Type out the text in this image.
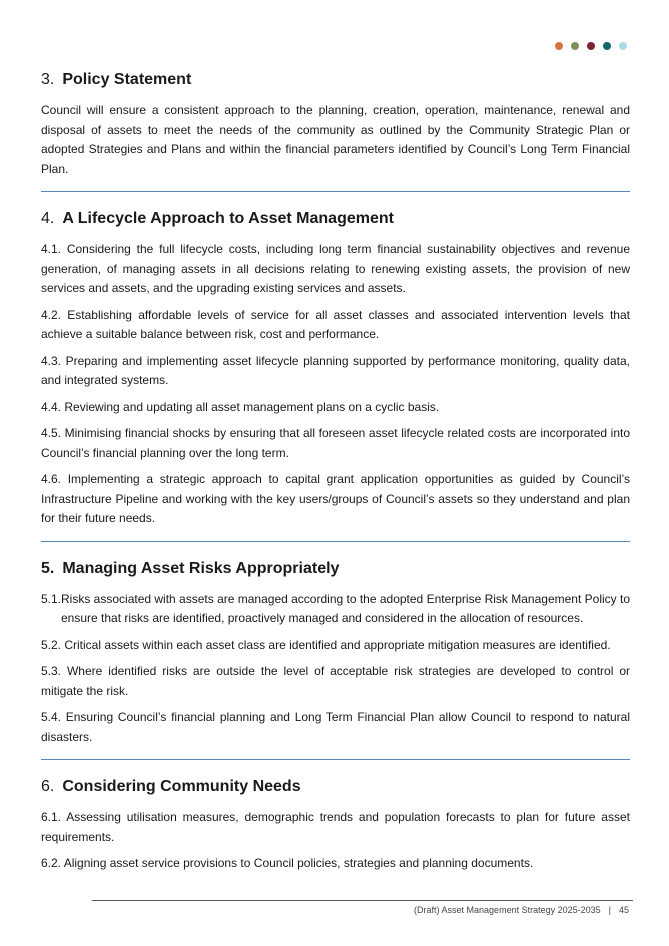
3. Policy Statement

Council will ensure a consistent approach to the planning, creation, operation, maintenance, renewal and disposal of assets to meet the needs of the community as outlined by the Community Strategic Plan or adopted Strategies and Plans and within the financial parameters identified by Council’s Long Term Financial Plan.

4. A Lifecycle Approach to Asset Management

4.1. Considering the full lifecycle costs, including long term financial sustainability objectives and revenue generation, of managing assets in all decisions relating to renewing existing assets, the provision of new services and assets, and the upgrading existing services and assets.

4.2. Establishing affordable levels of service for all asset classes and associated intervention levels that achieve a suitable balance between risk, cost and performance.

4.3. Preparing and implementing asset lifecycle planning supported by performance monitoring, quality data, and integrated systems.

4.4. Reviewing and updating all asset management plans on a cyclic basis.

4.5. Minimising financial shocks by ensuring that all foreseen asset lifecycle related costs are incorporated into Council’s financial planning over the long term.

4.6. Implementing a strategic approach to capital grant application opportunities as guided by Council’s Infrastructure Pipeline and working with the key users/groups of Council’s assets so they understand and plan for their future needs.

5. Managing Asset Risks Appropriately

5.1.Risks associated with assets are managed according to the adopted Enterprise Risk Management Policy to ensure that risks are identified, proactively managed and considered in the allocation of resources.

5.2. Critical assets within each asset class are identified and appropriate mitigation measures are identified.

5.3. Where identified risks are outside the level of acceptable risk strategies are developed to control or mitigate the risk.

5.4. Ensuring Council’s financial planning and Long Term Financial Plan allow Council to respond to natural disasters.

6. Considering Community Needs

6.1. Assessing utilisation measures, demographic trends and population forecasts to plan for future asset requirements.

6.2. Aligning asset service provisions to Council policies, strategies and planning documents.

(Draft) Asset Management Strategy 2025-2035 | 45
